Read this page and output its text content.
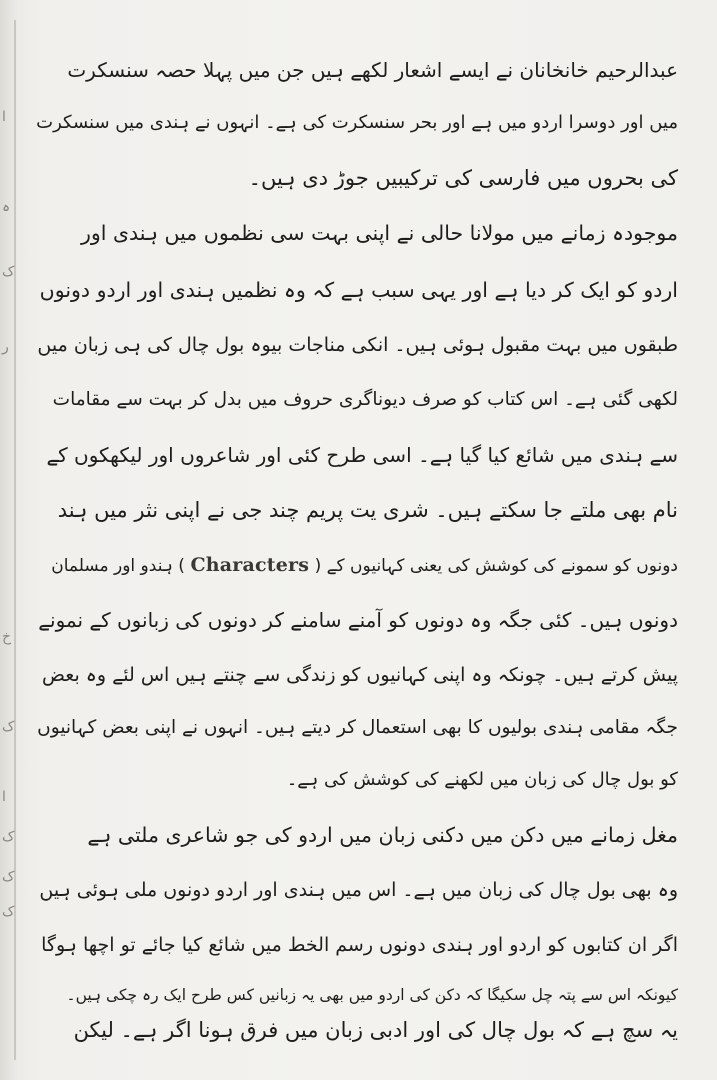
ا
ہ
ک
ر
خ
ک
ا
ک
ک
ک
عبدالرحیم خانخانان نے ایسے اشعار لکھے ہیں جن میں پہلا حصہ سنسکرت
میں اور دوسرا اردو میں ہے اور بحر سنسکرت کی ہے۔ انہوں نے ہندی میں سنسکرت
کی بحروں میں فارسی کی ترکیبیں جوڑ دی ہیں۔
موجودہ زمانے میں مولانا حالی نے اپنی بہت سی نظموں میں ہندی اور
اردو کو ایک کر دیا ہے اور یہی سبب ہے کہ وہ نظمیں ہندی اور اردو دونوں
طبقوں میں بہت مقبول ہوئی ہیں۔ انکی مناجات بیوہ بول چال کی ہی زبان میں
لکھی گئی ہے۔ اس کتاب کو صرف دیوناگری حروف میں بدل کر بہت سے مقامات
سے ہندی میں شائع کیا گیا ہے۔ اسی طرح کئی اور شاعروں اور لیکھکوں کے
نام بھی ملتے جا سکتے ہیں۔ شری یت پریم چند جی نے اپنی نثر میں ہند
دونوں کو سمونے کی کوشش کی یعنی کہانیوں کے ( Characters ) ہندو اور مسلمان
دونوں ہیں۔ کئی جگہ وہ دونوں کو آمنے سامنے کر دونوں کی زبانوں کے نمونے
پیش کرتے ہیں۔ چونکہ وہ اپنی کہانیوں کو زندگی سے چنتے ہیں اس لئے وہ بعض
جگہ مقامی ہندی بولیوں کا بھی استعمال کر دیتے ہیں۔ انہوں نے اپنی بعض کہانیوں
کو بول چال کی زبان میں لکھنے کی کوشش کی ہے۔
مغل زمانے میں دکن میں دکنی زبان میں اردو کی جو شاعری ملتی ہے
وہ بھی بول چال کی زبان میں ہے۔ اس میں ہندی اور اردو دونوں ملی ہوئی ہیں
اگر ان کتابوں کو اردو اور ہندی دونوں رسم الخط میں شائع کیا جائے تو اچھا ہوگا
کیونکہ اس سے پتہ چل سکیگا کہ دکن کی اردو میں بھی یہ زبانیں کس طرح ایک رہ چکی ہیں۔
یہ سچ ہے کہ بول چال کی اور ادبی زبان میں فرق ہونا اگر ہے۔ لیکن
